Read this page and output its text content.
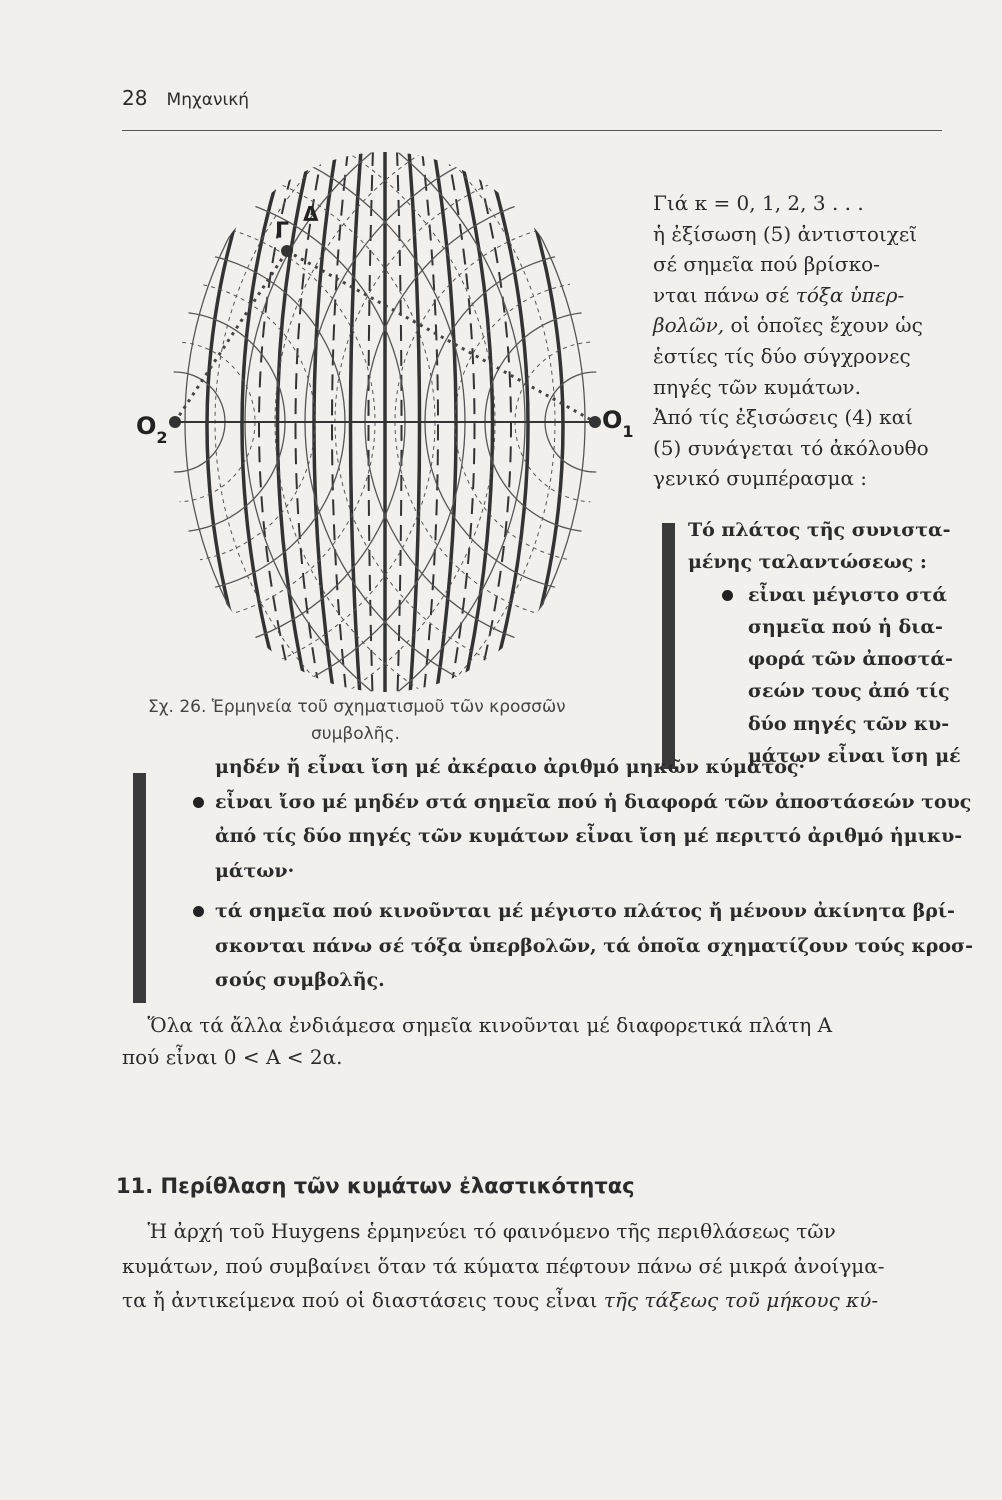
28 Μηχανική
Γ
Δ
$O_2$
$O_1$
Σχ. 26. Ἑρμηνεία τοῦ σχηματισμοῦ τῶν κροσσῶν
συμβολῆς.
Γιά κ = 0, 1, 2, 3 . . .
ἡ ἐξίσωση (5) ἀντιστοιχεῖ
σέ σημεῖα πού βρίσκο-
νται πάνω σέ τόξα ὑπερ-
βολῶν, οἱ ὁποῖες ἔχουν ὡς
ἑστίες τίς δύο σύγχρονες
πηγές τῶν κυμάτων.
Ἀπό τίς ἐξισώσεις (4) καί
(5) συνάγεται τό ἀκόλουθο
γενικό συμπέρασμα :
Τό πλάτος τῆς συνιστα-
μένης ταλαντώσεως :
εἶναι μέγιστο στά
σημεῖα πού ἡ δια-
φορά τῶν ἀποστά-
σεών τους ἀπό τίς
δύο πηγές τῶν κυ-
μάτων εἶναι ἴση μέ
μηδέν ἤ εἶναι ἴση μέ ἀκέραιο ἀριθμό μηκῶν κύματος·
εἶναι ἴσο μέ μηδέν στά σημεῖα πού ἡ διαφορά τῶν ἀποστάσεών τους
ἀπό τίς δύο πηγές τῶν κυμάτων εἶναι ἴση μέ περιττό ἀριθμό ἡμικυ-
μάτων·
τά σημεῖα πού κινοῦνται μέ μέγιστο πλάτος ἤ μένουν ἀκίνητα βρί-
σκονται πάνω σέ τόξα ὑπερβολῶν, τά ὁποῖα σχηματίζουν τούς κροσ-
σούς συμβολῆς.
Ὅλα τά ἄλλα ἐνδιάμεσα σημεῖα κινοῦνται μέ διαφορετικά πλάτη Α
πού εἶναι 0 < Α < 2α.
11. Περίθλαση τῶν κυμάτων ἐλαστικότητας
Ἡ ἀρχή τοῦ Huygens ἑρμηνεύει τό φαινόμενο τῆς περιθλάσεως τῶν
κυμάτων, πού συμβαίνει ὅταν τά κύματα πέφτουν πάνω σέ μικρά ἀνοίγμα-
τα ἤ ἀντικείμενα πού οἱ διαστάσεις τους εἶναι τῆς τάξεως τοῦ μήκους κύ-
